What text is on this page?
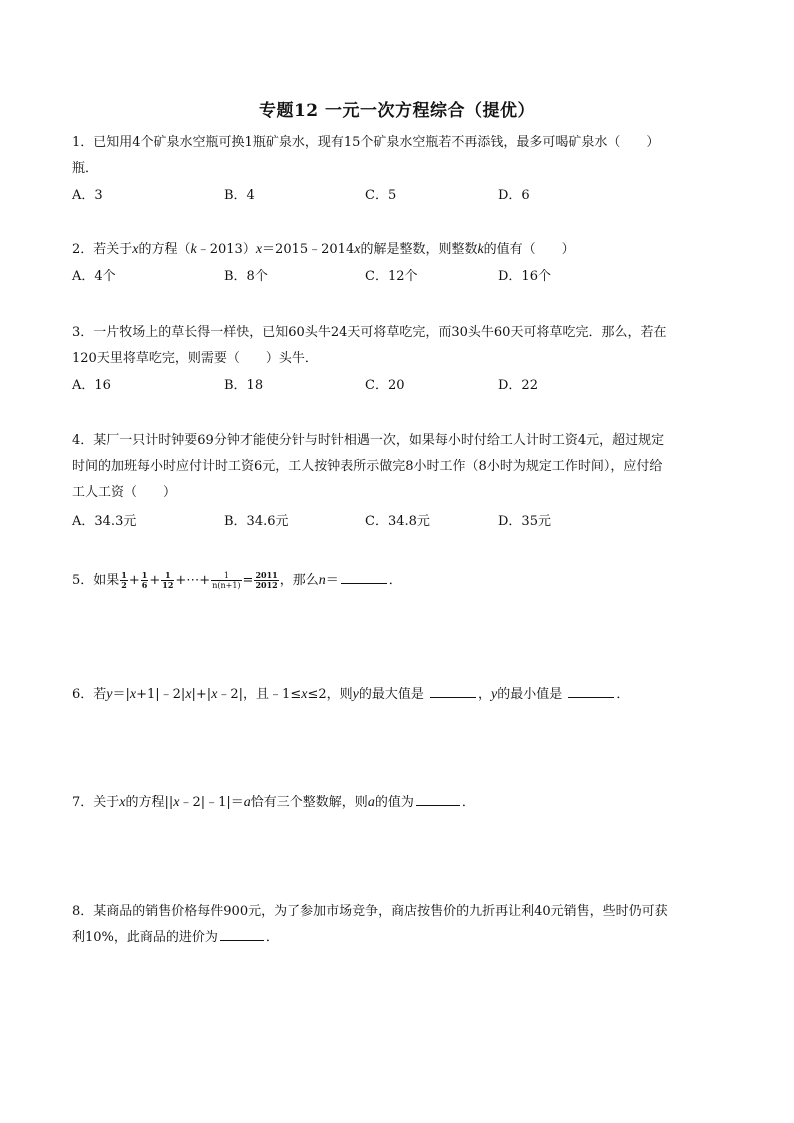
专题12 一元一次方程综合（提优）
1．已知用4个矿泉水空瓶可换1瓶矿泉水，现有15个矿泉水空瓶若不再添钱，最多可喝矿泉水（　　）
瓶．
A．3	B．4	C．5	D．6
2．若关于x的方程（k﹣2013）x＝2015﹣2014x的解是整数，则整数k的值有（　　）
A．4个	B．8个	C．12个	D．16个
3．一片牧场上的草长得一样快，已知60头牛24天可将草吃完，而30头牛60天可将草吃完．那么，若在
120天里将草吃完，则需要（　　）头牛．
A．16	B．18	C．20	D．22
4．某厂一只计时钟要69分钟才能使分针与时针相遇一次，如果每小时付给工人计时工资4元，超过规定
时间的加班每小时应付计时工资6元，工人按钟表所示做完8小时工作（8小时为规定工作时间），应付给
工人工资（　　）
A．34.3元	B．34.6元	C．34.8元	D．35元
5．如果 $\frac{1}{2} + \frac{1}{6} + \frac{1}{12}$ +⋯+ $\frac{1}{n(n+1)} = \frac{2011}{2012}$ ，那么n＝	．
6．若y＝|x+1|﹣2|x|+|x﹣2|，且﹣1≤x≤2，则y的最大值是	，y的最小值是	．
7．关于x的方程||x﹣2|﹣1|＝a恰有三个整数解，则a的值为	．
8．某商品的销售价格每件900元，为了参加市场竞争，商店按售价的九折再让利40元销售，些时仍可获
利10%，此商品的进价为	．
